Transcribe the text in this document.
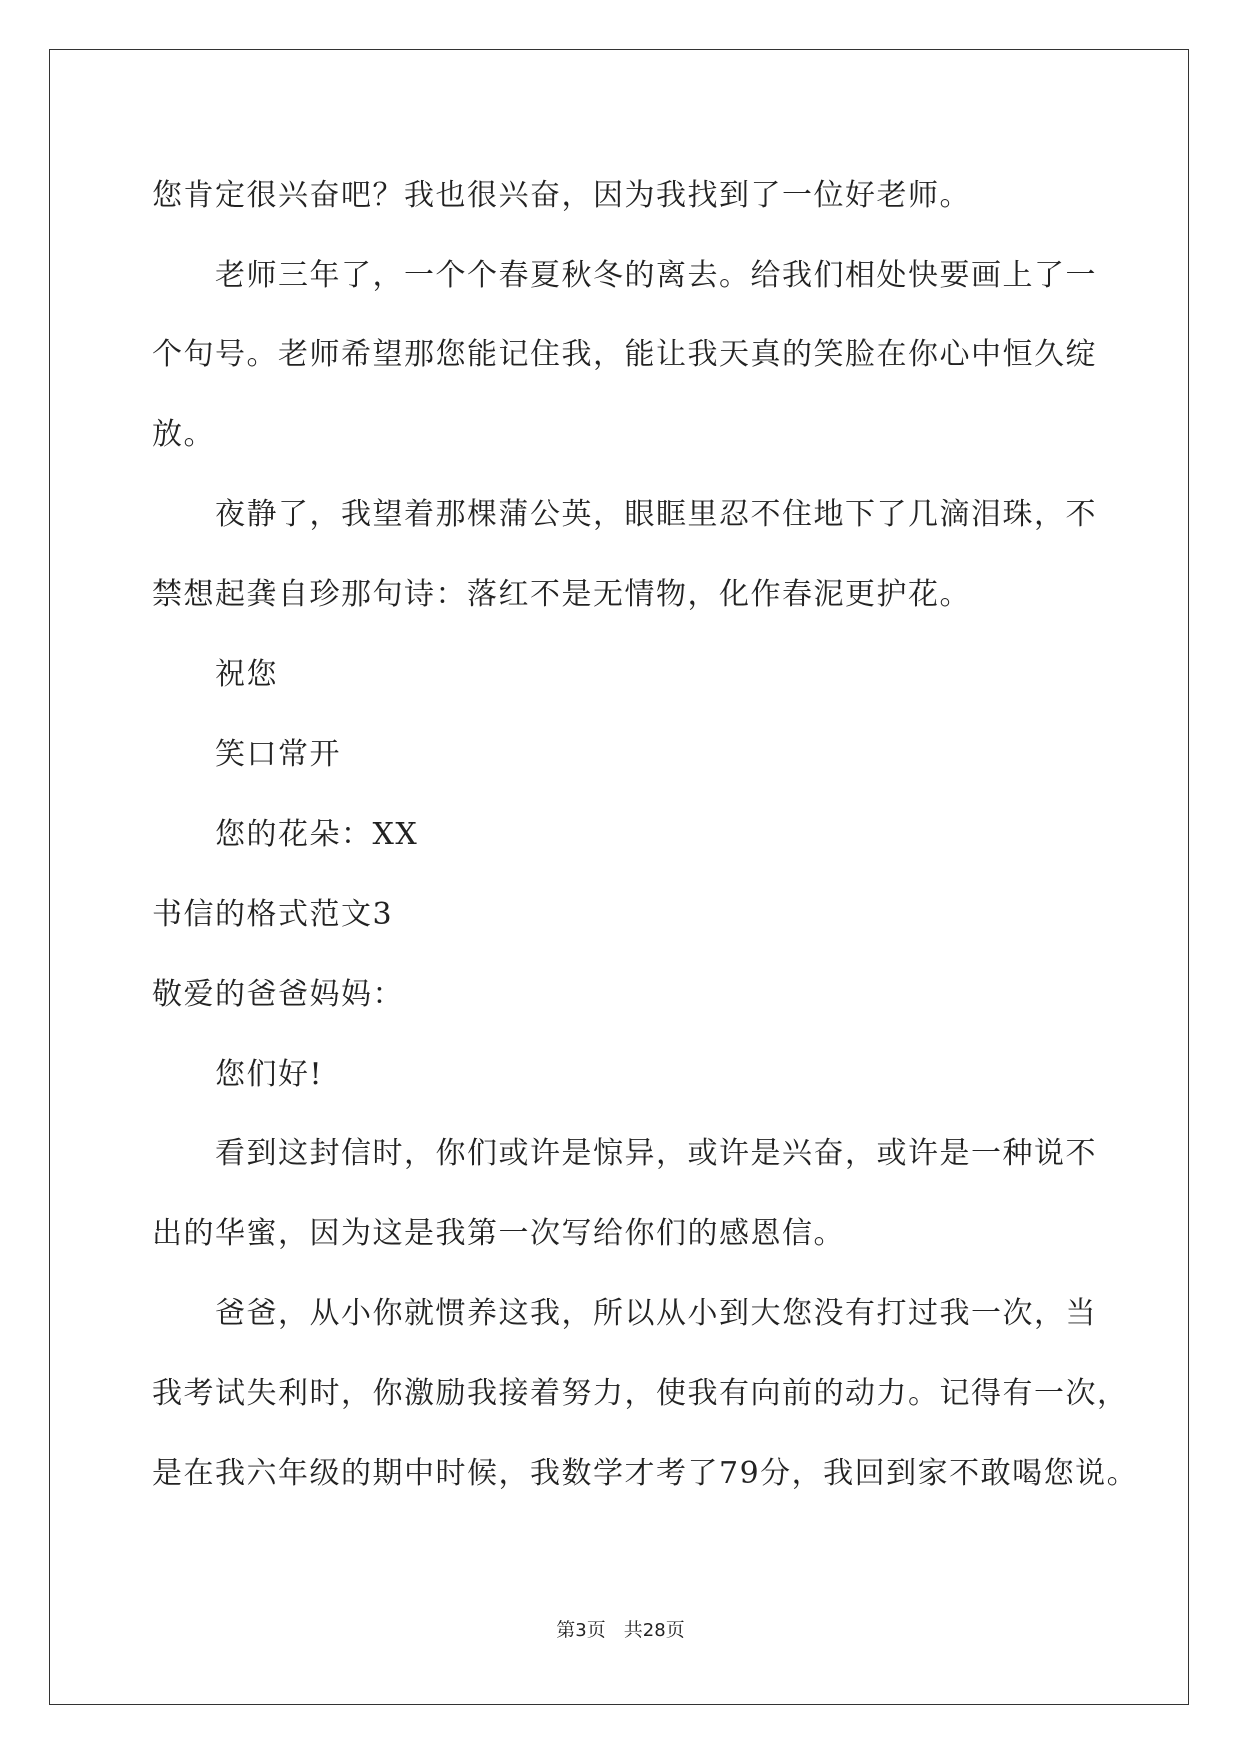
您肯定很兴奋吧？我也很兴奋，因为我找到了一位好老师。
老师三年了，一个个春夏秋冬的离去。给我们相处快要画上了一
个句号。老师希望那您能记住我，能让我天真的笑脸在你心中恒久绽
放。
夜静了，我望着那棵蒲公英，眼眶里忍不住地下了几滴泪珠，不
禁想起龚自珍那句诗：落红不是无情物，化作春泥更护花。
祝您
笑口常开
您的花朵：XX
书信的格式范文3
敬爱的爸爸妈妈：
您们好!
看到这封信时，你们或许是惊异，或许是兴奋，或许是一种说不
出的华蜜，因为这是我第一次写给你们的感恩信。
爸爸，从小你就惯养这我，所以从小到大您没有打过我一次，当
我考试失利时，你激励我接着努力，使我有向前的动力。记得有一次，
是在我六年级的期中时候，我数学才考了79分，我回到家不敢喝您说。
第3页 共28页
